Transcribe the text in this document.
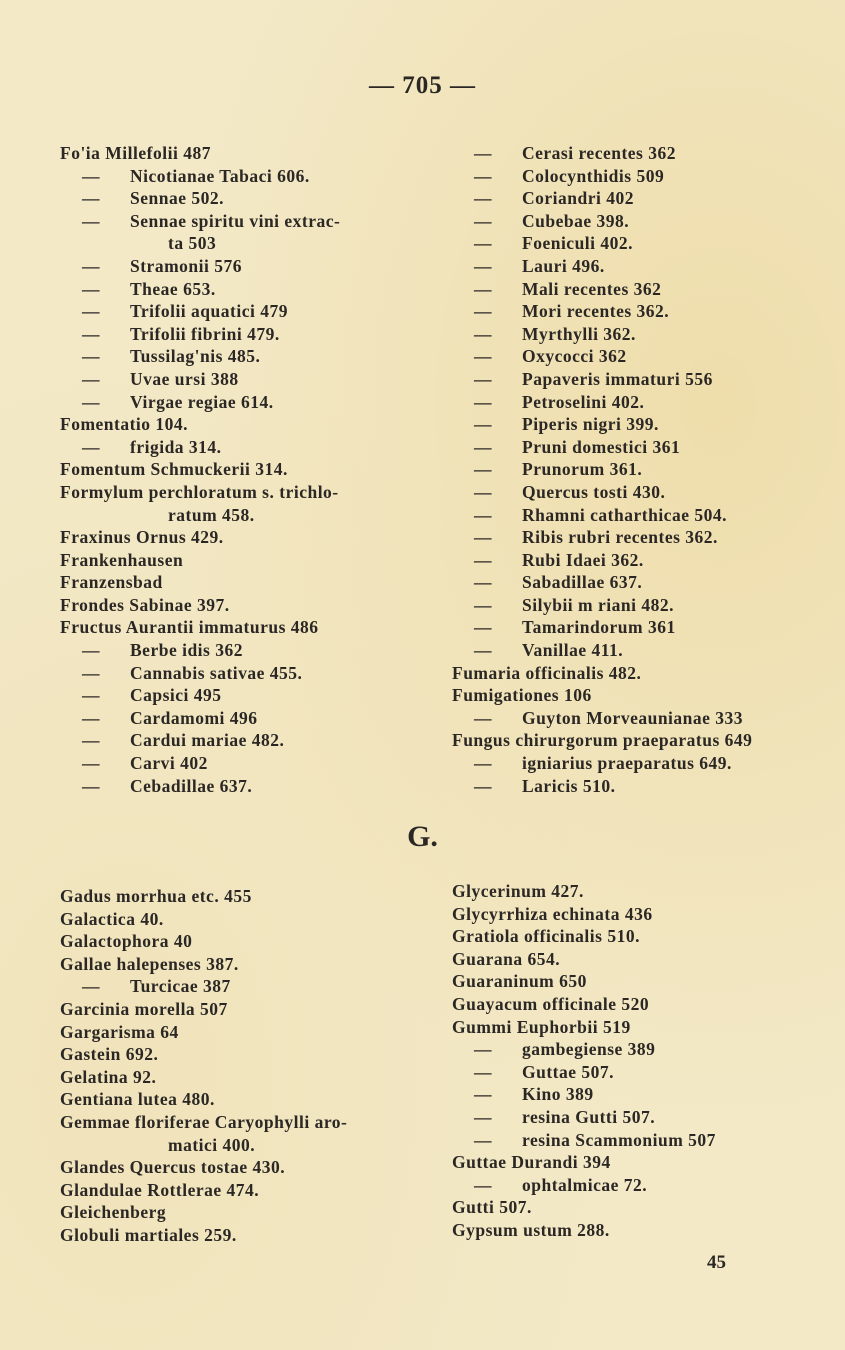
— 705 —
Fo'ia Millefolii 487
— Nicotianae Tabaci 606.
— Sennae 502.
— Sennae spiritu vini extrac-
ta 503
— Stramonii 576
— Theae 653.
— Trifolii aquatici 479
— Trifolii fibrini 479.
— Tussilag'nis 485.
— Uvae ursi 388
— Virgae regiae 614.
Fomentatio 104.
— frigida 314.
Fomentum Schmuckerii 314.
Formylum perchloratum s. trichlo-
ratum 458.
Fraxinus Ornus 429.
Frankenhausen
Franzensbad
Frondes Sabinae 397.
Fructus Aurantii immaturus 486
— Berbe idis 362
— Cannabis sativae 455.
— Capsici 495
— Cardamomi 496
— Cardui mariae 482.
— Carvi 402
— Cebadillae 637.
— Cerasi recentes 362
— Colocynthidis 509
— Coriandri 402
— Cubebae 398.
— Foeniculi 402.
— Lauri 496.
— Mali recentes 362
— Mori recentes 362.
— Myrthylli 362.
— Oxycocci 362
— Papaveris immaturi 556
— Petroselini 402.
— Piperis nigri 399.
— Pruni domestici 361
— Prunorum 361.
— Quercus tosti 430.
— Rhamni catharthicae 504.
— Ribis rubri recentes 362.
— Rubi Idaei 362.
— Sabadillae 637.
— Silybii m riani 482.
— Tamarindorum 361
— Vanillae 411.
Fumaria officinalis 482.
Fumigationes 106
— Guyton Morveaunianae 333
Fungus chirurgorum praeparatus 649
— igniarius praeparatus 649.
— Laricis 510.
G.
Gadus morrhua etc. 455
Galactica 40.
Galactophora 40
Gallae halepenses 387.
— Turcicae 387
Garcinia morella 507
Gargarisma 64
Gastein 692.
Gelatina 92.
Gentiana lutea 480.
Gemmae floriferae Caryophylli aro-
matici 400.
Glandes Quercus tostae 430.
Glandulae Rottlerae 474.
Gleichenberg
Globuli martiales 259.
Glycerinum 427.
Glycyrrhiza echinata 436
Gratiola officinalis 510.
Guarana 654.
Guaraninum 650
Guayacum officinale 520
Gummi Euphorbii 519
— gambegiense 389
— Guttae 507.
— Kino 389
— resina Gutti 507.
— resina Scammonium 507
Guttae Durandi 394
— ophtalmicae 72.
Gutti 507.
Gypsum ustum 288.
45
